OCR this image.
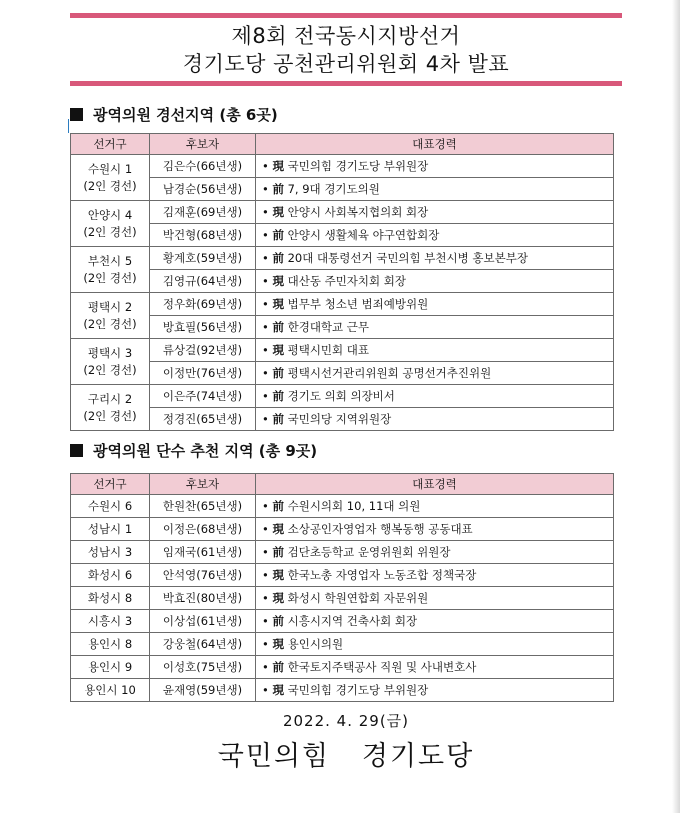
제8회 전국동시지방선거
경기도당 공천관리위원회 4차 발표
광역의원 경선지역 (총 6곳)
선거구	후보자	대표경력

수원시 1
(2인 경선)	김은수(66년생)	• 現 국민의힘 경기도당 부위원장
	남경순(56년생)	• 前 7, 9대 경기도의원

안양시 4
(2인 경선)	김재훈(69년생)	• 現 안양시 사회복지협의회 회장
	박건형(68년생)	• 前 안양시 생활체육 야구연합회장

부천시 5
(2인 경선)	황계호(59년생)	• 前 20대 대통령선거 국민의힘 부천시병 홍보본부장
	김영규(64년생)	• 現 대산동 주민자치회 회장

평택시 2
(2인 경선)	정우화(69년생)	• 現 법무부 청소년 범죄예방위원
	방효필(56년생)	• 前 한경대학교 근무

평택시 3
(2인 경선)	류상걸(92년생)	• 現 평택시민회 대표
	이정만(76년생)	• 前 평택시선거관리위원회 공명선거추진위원

구리시 2
(2인 경선)	이은주(74년생)	• 前 경기도 의회 의장비서
	정경진(65년생)	• 前 국민의당 지역위원장
광역의원 단수 추천 지역 (총 9곳)
선거구	후보자	대표경력
수원시 6	한원찬(65년생)	• 前 수원시의회 10, 11대 의원
성남시 1	이정은(68년생)	• 現 소상공인자영업자 행복동행 공동대표
성남시 3	임재국(61년생)	• 前 검단초등학교 운영위원회 위원장
화성시 6	안석영(76년생)	• 現 한국노총 자영업자 노동조합 정책국장
화성시 8	박효진(80년생)	• 現 화성시 학원연합회 자문위원
시흥시 3	이상섭(61년생)	• 前 시흥시지역 건축사회 회장
용인시 8	강웅철(64년생)	• 現 용인시의원
용인시 9	이성호(75년생)	• 前 한국토지주택공사 직원 및 사내변호사
용인시 10	윤재영(59년생)	• 現 국민의힘 경기도당 부위원장
2022. 4. 29(금)
국민의힘   경기도당
